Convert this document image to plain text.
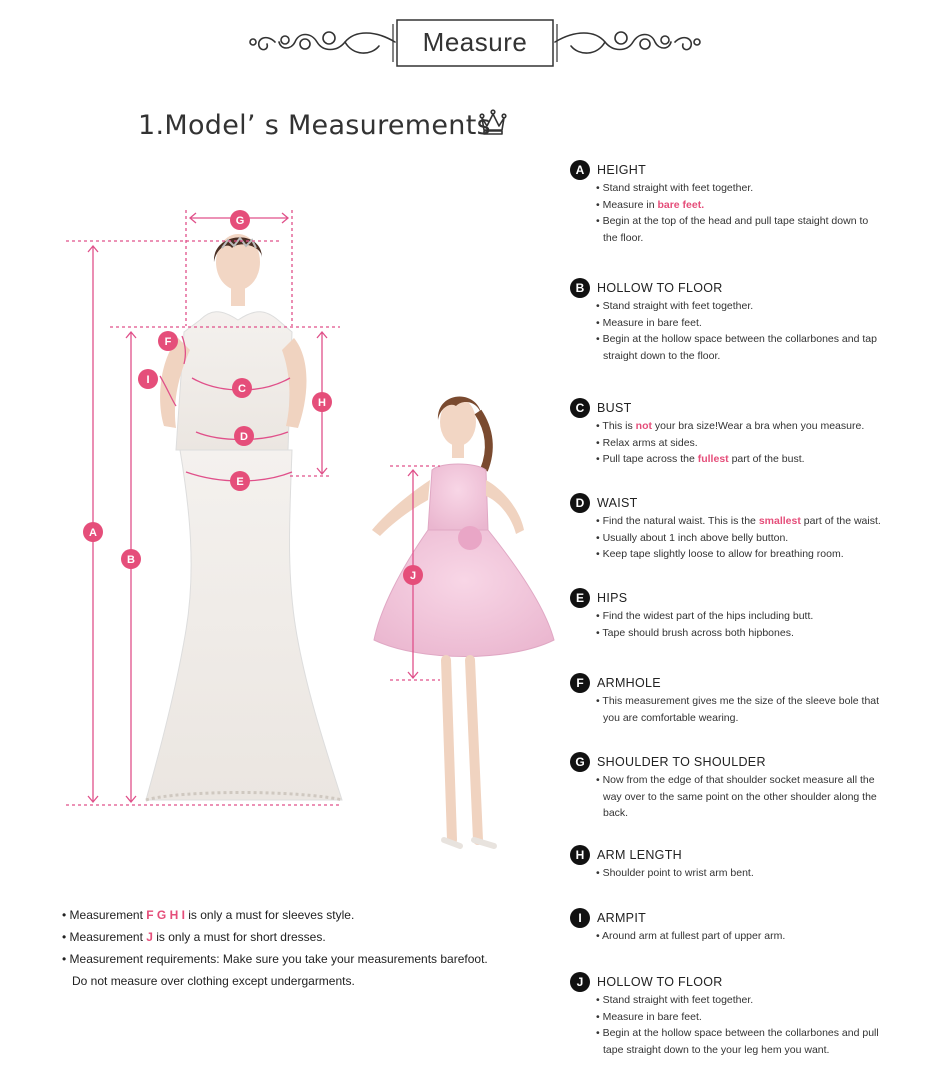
Measure
1.Model’ s Measurements
G
F
I
C
H
D
E
A
B
J
A	HEIGHT
• Stand straight with feet together.
• Measure in bare feet.
• Begin at the top of the head and pull tape staight down to
the floor.
B	HOLLOW TO FLOOR
• Stand straight with feet together.
• Measure in bare feet.
• Begin at the hollow space between the collarbones and tap
straight down to the floor.
C	BUST
• This is not your bra size!Wear a bra when you measure.
• Relax arms at sides.
• Pull tape across the fullest part of the bust.
D	WAIST
• Find the natural waist. This is the smallest part of the waist.
• Usually about 1 inch above belly button.
• Keep tape slightly loose to allow for breathing room.
E	HIPS
• Find the widest part of the hips including butt.
• Tape should brush across both hipbones.
F	ARMHOLE
• This measurement gives me the size of the sleeve bole that
you are comfortable wearing.
G SHOULDER TO SHOULDER
• Now from the edge of that shoulder socket measure all the
way over to the same point on the other shoulder along the
back.
H	ARM LENGTH
• Shoulder point to wrist arm bent.
I	ARMPIT
• Around arm at fullest part of upper arm.
J	HOLLOW TO FLOOR
• Stand straight with feet together.
• Measure in bare feet.
• Begin at the hollow space between the collarbones and pull
tape straight down to the your leg hem you want.
• Measurement F G H I is only a must for sleeves style.
• Measurement J is only a must for short dresses.
• Measurement requirements: Make sure you take your measurements barefoot.
Do not measure over clothing except undergarments.
